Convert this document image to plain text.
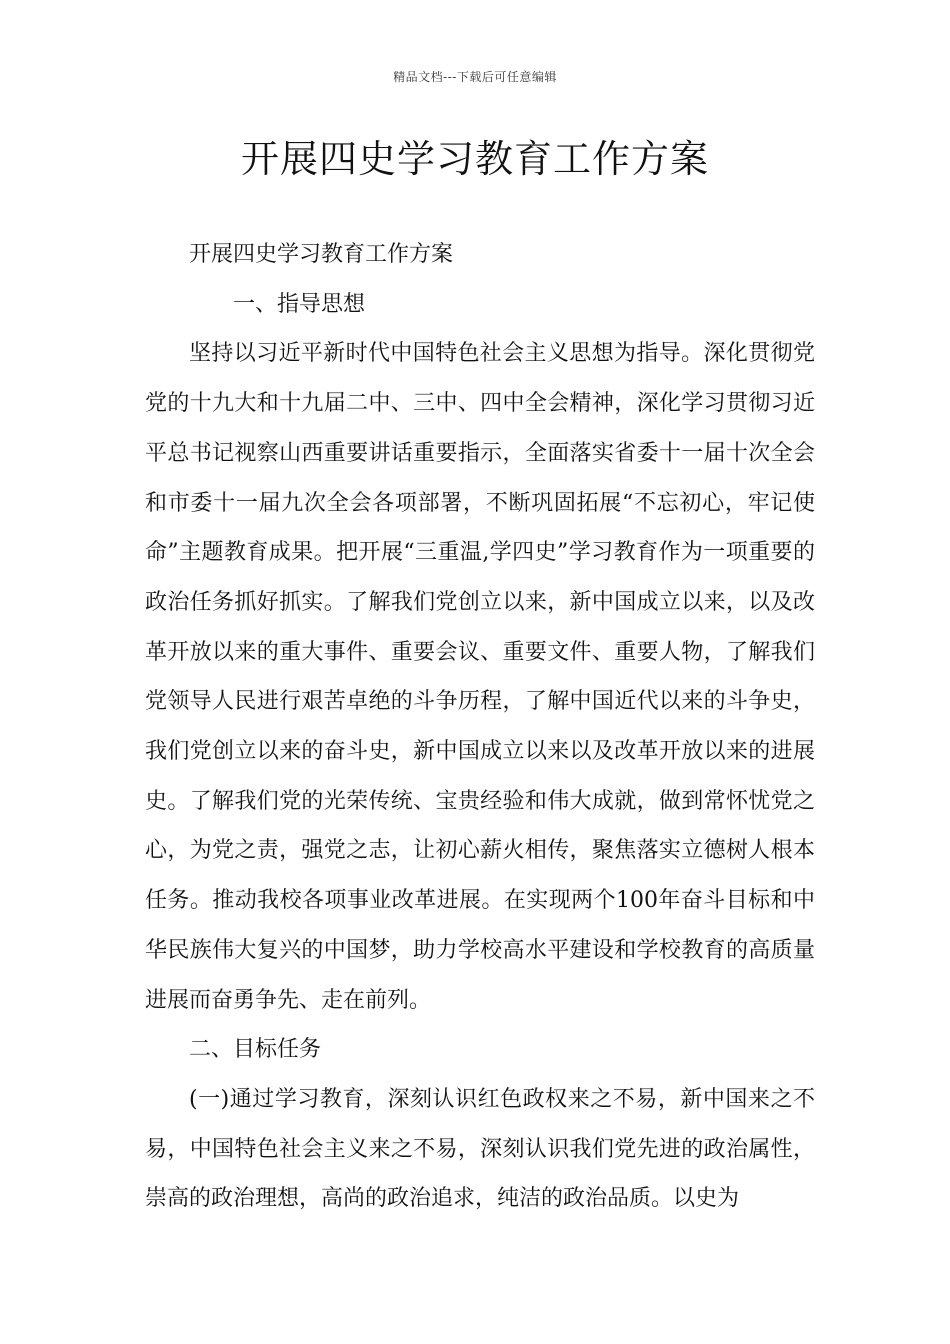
精品文档---下载后可任意编辑
开展四史学习教育工作方案

开展四史学习教育工作方案

一、指导思想

坚持以习近平新时代中国特色社会主义思想为指导。深化贯彻党党的十九大和十九届二中、三中、四中全会精神，深化学习贯彻习近平总书记视察山西重要讲话重要指示，全面落实省委十一届十次全会和市委十一届九次全会各项部署，不断巩固拓展“不忘初心，牢记使命”主题教育成果。把开展“三重温,学四史”学习教育作为一项重要的政治任务抓好抓实。了解我们党创立以来，新中国成立以来，以及改革开放以来的重大事件、重要会议、重要文件、重要人物，了解我们党领导人民进行艰苦卓绝的斗争历程，了解中国近代以来的斗争史，我们党创立以来的奋斗史，新中国成立以来以及改革开放以来的进展史。了解我们党的光荣传统、宝贵经验和伟大成就，做到常怀忧党之心，为党之责，强党之志，让初心薪火相传，聚焦落实立德树人根本任务。推动我校各项事业改革进展。在实现两个100年奋斗目标和中华民族伟大复兴的中国梦，助力学校高水平建设和学校教育的高质量进展而奋勇争先、走在前列。

二、目标任务

(一)通过学习教育，深刻认识红色政权来之不易，新中国来之不易，中国特色社会主义来之不易，深刻认识我们党先进的政治属性，崇高的政治理想，高尚的政治追求，纯洁的政治品质。以史为
